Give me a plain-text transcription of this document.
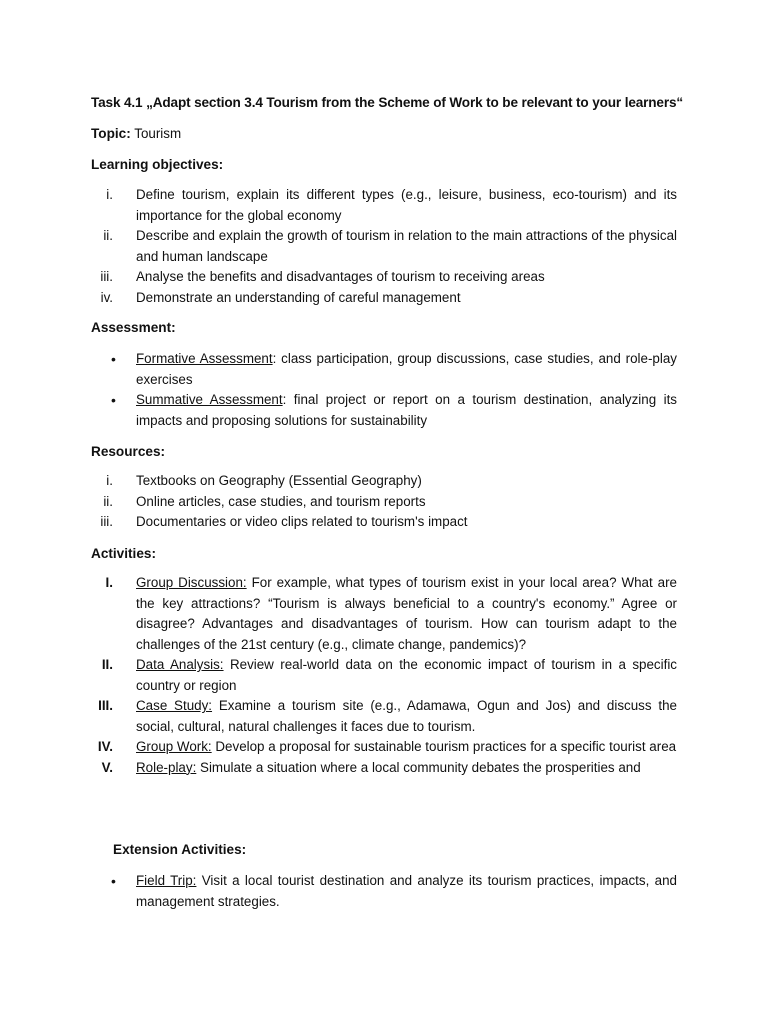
Task 4.1 „Adapt section 3.4 Tourism from the Scheme of Work to be relevant to your learners“
Topic: Tourism
Learning objectives:
i. Define tourism, explain its different types (e.g., leisure, business, eco-tourism) and its importance for the global economy
ii. Describe and explain the growth of tourism in relation to the main attractions of the physical and human landscape
iii. Analyse the benefits and disadvantages of tourism to receiving areas
iv. Demonstrate an understanding of careful management
Assessment:
• Formative Assessment: class participation, group discussions, case studies, and role-play exercises
• Summative Assessment: final project or report on a tourism destination, analyzing its impacts and proposing solutions for sustainability
Resources:
i. Textbooks on Geography (Essential Geography)
ii. Online articles, case studies, and tourism reports
iii. Documentaries or video clips related to tourism's impact
Activities:
I. Group Discussion: For example, what types of tourism exist in your local area? What are the key attractions? “Tourism is always beneficial to a country's economy.” Agree or disagree? Advantages and disadvantages of tourism. How can tourism adapt to the challenges of the 21st century (e.g., climate change, pandemics)?
II. Data Analysis: Review real-world data on the economic impact of tourism in a specific country or region
III. Case Study: Examine a tourism site (e.g., Adamawa, Ogun and Jos) and discuss the social, cultural, natural challenges it faces due to tourism.
IV. Group Work: Develop a proposal for sustainable tourism practices for a specific tourist area
V. Role-play: Simulate a situation where a local community debates the prosperities and
Extension Activities:
• Field Trip: Visit a local tourist destination and analyze its tourism practices, impacts, and management strategies.
